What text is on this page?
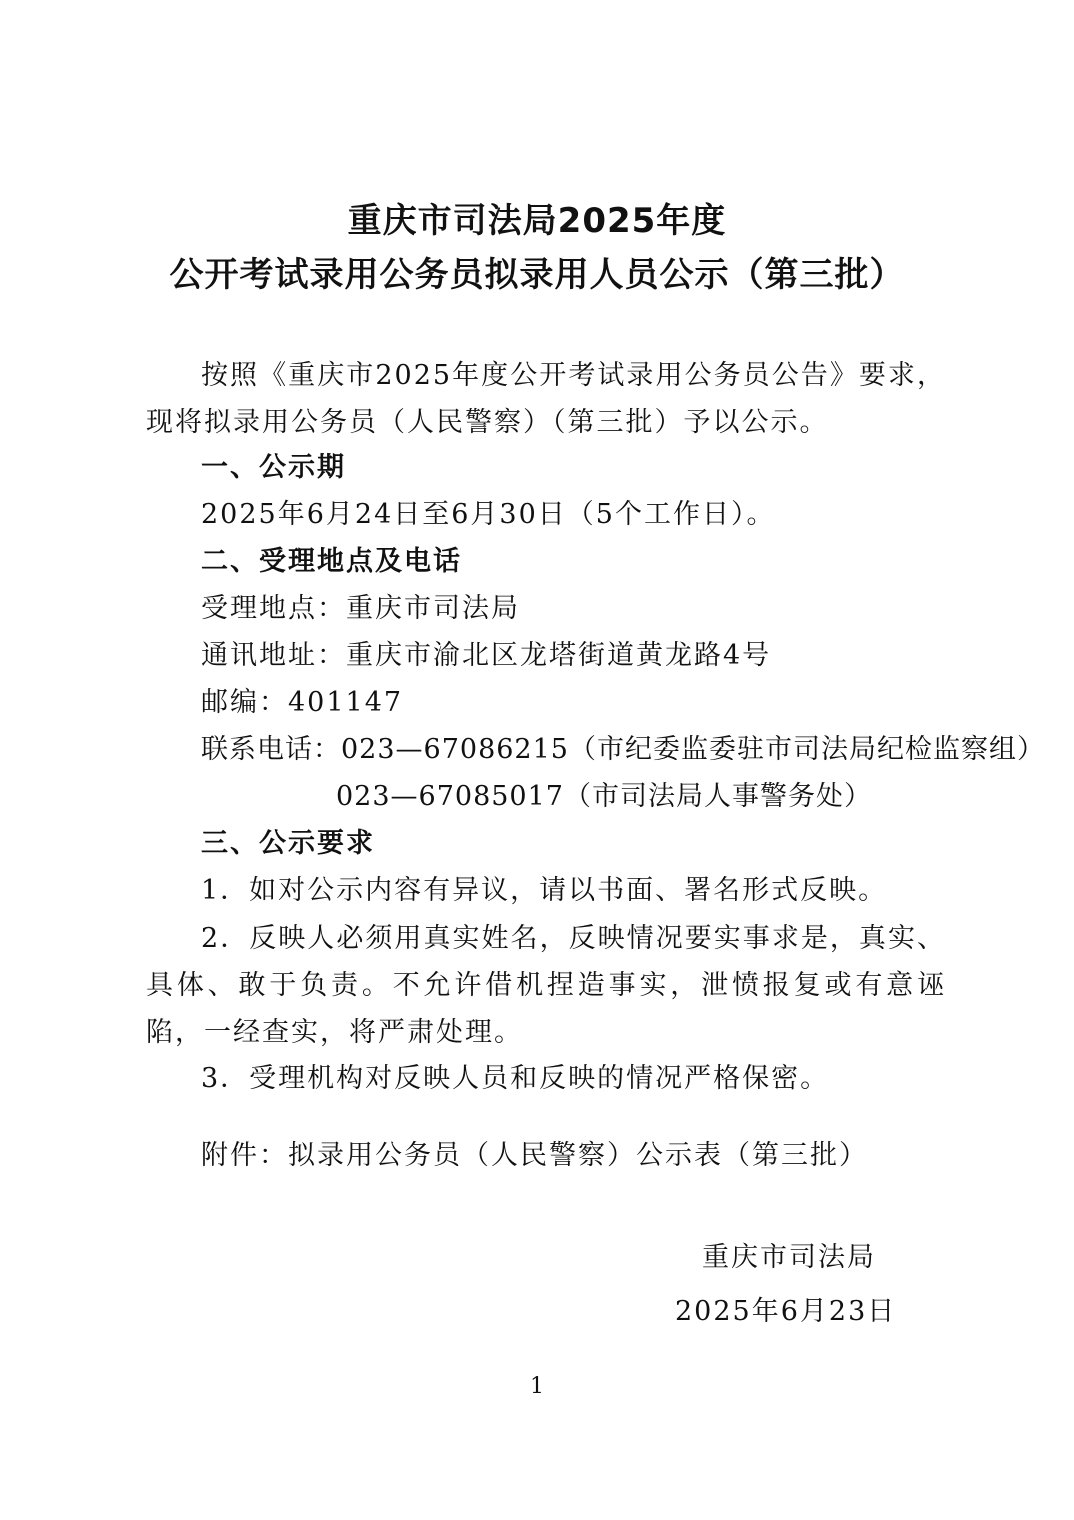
重庆市司法局2025年度
公开考试录用公务员拟录用人员公示（第三批）
按照《重庆市2025年度公开考试录用公务员公告》要求，现将拟录用公务员（人民警察）（第三批）予以公示。
一、公示期
2025年6月24日至6月30日（5个工作日）。
二、受理地点及电话
受理地点：重庆市司法局
通讯地址：重庆市渝北区龙塔街道黄龙路4号
邮编：401147
联系电话：023—67086215（市纪委监委驻市司法局纪检监察组）
023—67085017（市司法局人事警务处）
三、公示要求
1．如对公示内容有异议，请以书面、署名形式反映。
2．反映人必须用真实姓名，反映情况要实事求是，真实、具体、敢于负责。不允许借机捏造事实，泄愤报复或有意诬陷，一经查实，将严肃处理。
3．受理机构对反映人员和反映的情况严格保密。
附件：拟录用公务员（人民警察）公示表（第三批）
重庆市司法局
2025年6月23日
1
